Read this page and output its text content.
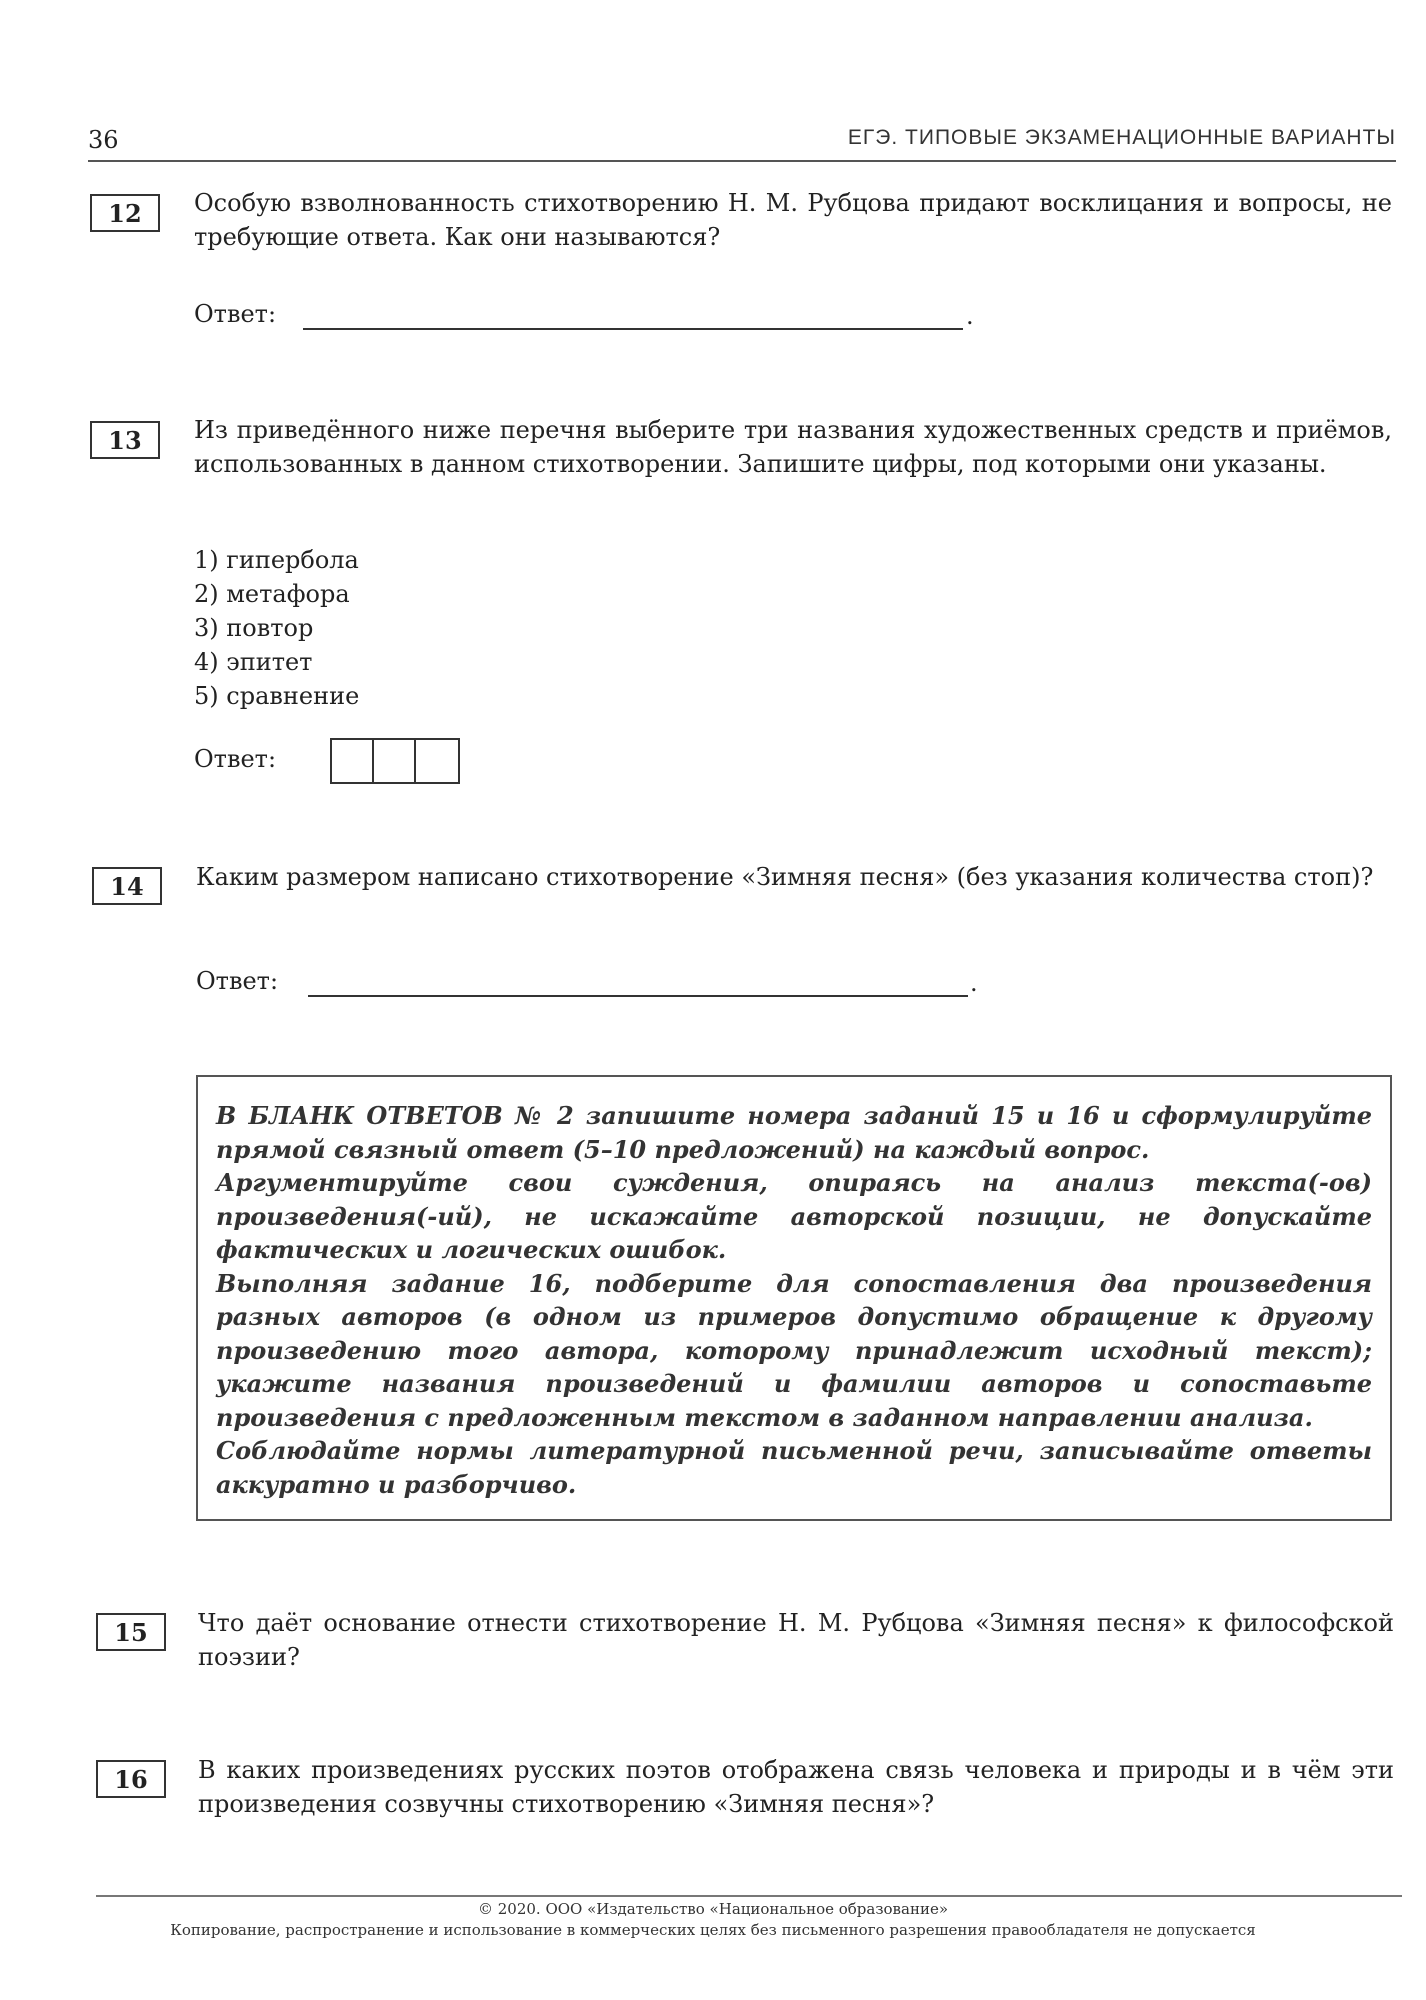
36	ЕГЭ. ТИПОВЫЕ ЭКЗАМЕНАЦИОННЫЕ ВАРИАНТЫ
12	Особую взволнованность стихотворению Н. М. Рубцова придают восклицания и вопросы, не требующие ответа. Как они называются?
Ответ:	.
13	Из приведённого ниже перечня выберите три названия художественных средств и приёмов, использованных в данном стихотворении. Запишите цифры, под которыми они указаны.
1) гипербола
2) метафора
3) повтор
4) эпитет
5) сравнение
Ответ:
14	Каким размером написано стихотворение «Зимняя песня» (без указания количества стоп)?
Ответ:	.

В БЛАНК ОТВЕТОВ № 2 запишите номера заданий 15 и 16 и сформулируйте прямой связный ответ (5–10 предложений) на каждый вопрос.

Аргументируйте свои суждения, опираясь на анализ текста(-ов) произведения(-ий), не искажайте авторской позиции, не допускайте фактических и логических ошибок.

Выполняя задание 16, подберите для сопоставления два произведения разных авторов (в одном из примеров допустимо обращение к другому произведению того автора, которому принадлежит исходный текст); укажите названия произведений и фамилии авторов и сопоставьте произведения с предложенным текстом в заданном направлении анализа.

Соблюдайте нормы литературной письменной речи, записывайте ответы аккуратно и разборчиво.

15	Что даёт основание отнести стихотворение Н. М. Рубцова «Зимняя песня» к философской поэзии?
16	В каких произведениях русских поэтов отображена связь человека и природы и в чём эти произведения созвучны стихотворению «Зимняя песня»?
© 2020. ООО «Издательство «Национальное образование»
Копирование, распространение и использование в коммерческих целях без письменного разрешения правообладателя не допускается
